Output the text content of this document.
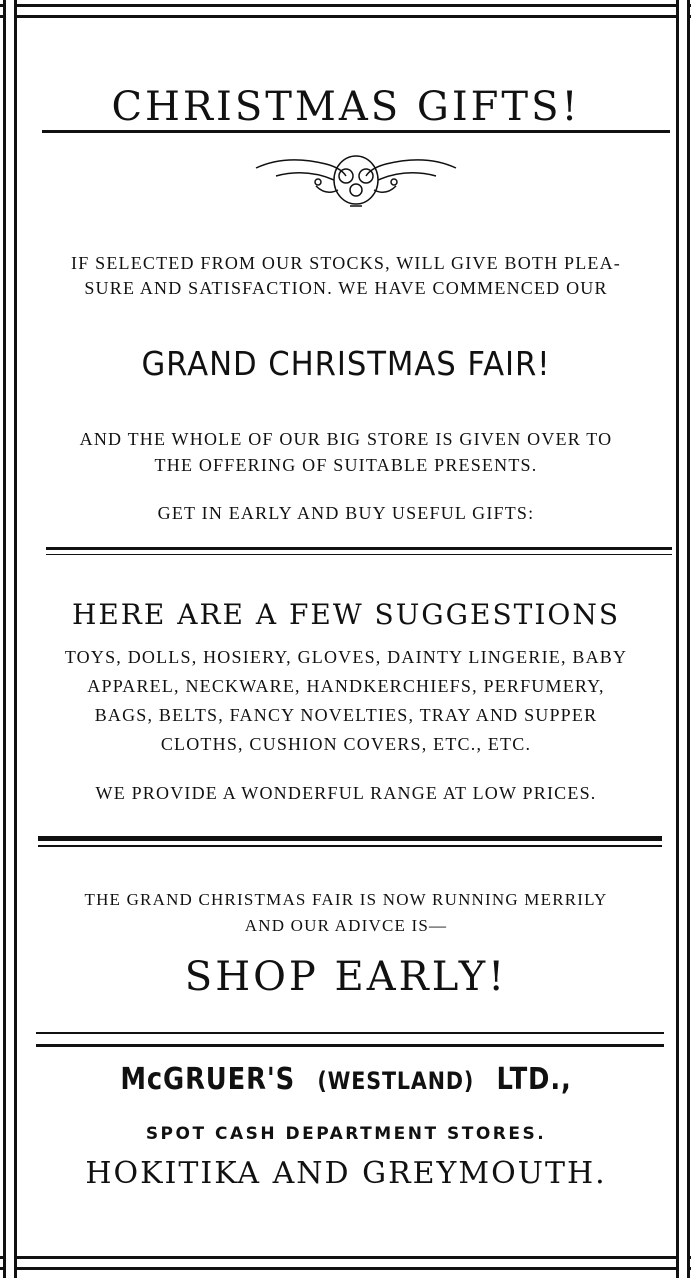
CHRISTMAS GIFTS!
IF SELECTED FROM OUR STOCKS, WILL GIVE BOTH PLEA-
SURE AND SATISFACTION. WE HAVE COMMENCED OUR
GRAND CHRISTMAS FAIR!
AND THE WHOLE OF OUR BIG STORE IS GIVEN OVER TO
THE OFFERING OF SUITABLE PRESENTS.
GET IN EARLY AND BUY USEFUL GIFTS:
HERE ARE A FEW SUGGESTIONS
TOYS, DOLLS, HOSIERY, GLOVES, DAINTY LINGERIE, BABY
APPAREL, NECKWARE, HANDKERCHIEFS, PERFUMERY,
BAGS, BELTS, FANCY NOVELTIES, TRAY AND SUPPER
CLOTHS, CUSHION COVERS, ETC., ETC.
WE PROVIDE A WONDERFUL RANGE AT LOW PRICES.
THE GRAND CHRISTMAS FAIR IS NOW RUNNING MERRILY
AND OUR ADIVCE IS—
SHOP EARLY!
McGRUER'S (WESTLAND) LTD.,
SPOT CASH DEPARTMENT STORES.
HOKITIKA AND GREYMOUTH.
